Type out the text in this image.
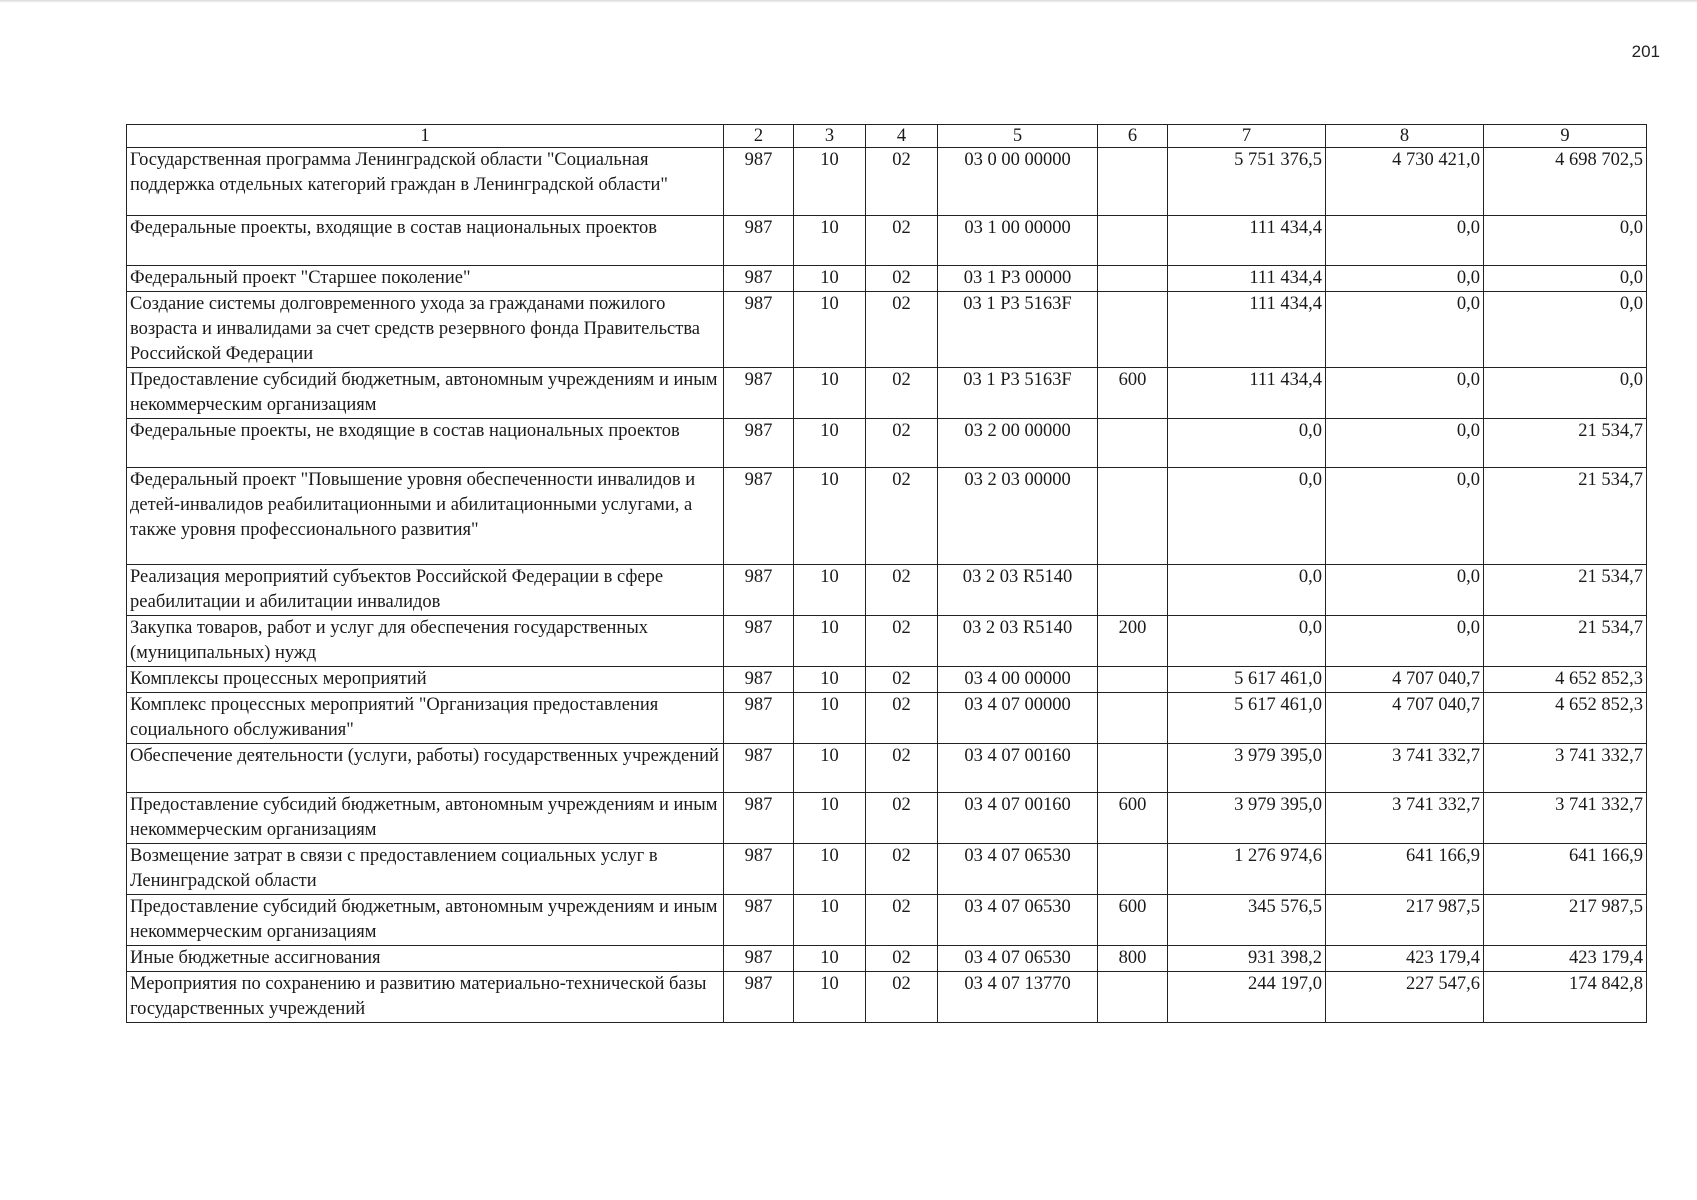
201
1	2	3	4	5	6	7	8	9
Государственная программа Ленинградской области "Социальная поддержка отдельных категорий граждан в Ленинградской области"	987	10	02	03 0 00 00000		5 751 376,5	4 730 421,0	4 698 702,5
Федеральные проекты, входящие в состав национальных проектов	987	10	02	03 1 00 00000		111 434,4	0,0	0,0
Федеральный проект "Старшее поколение"	987	10	02	03 1 P3 00000		111 434,4	0,0	0,0
Создание системы долговременного ухода за гражданами пожилого возраста и инвалидами за счет средств резервного фонда Правительства Российской Федерации	987	10	02	03 1 P3 5163F		111 434,4	0,0	0,0
Предоставление субсидий бюджетным, автономным учреждениям и иным некоммерческим организациям	987	10	02	03 1 P3 5163F	600	111 434,4	0,0	0,0
Федеральные проекты, не входящие в состав национальных проектов	987	10	02	03 2 00 00000		0,0	0,0	21 534,7
Федеральный проект "Повышение уровня обеспеченности инвалидов и детей-инвалидов реабилитационными и абилитационными услугами, а также уровня профессионального развития"	987	10	02	03 2 03 00000		0,0	0,0	21 534,7
Реализация мероприятий субъектов Российской Федерации в сфере реабилитации и абилитации инвалидов	987	10	02	03 2 03 R5140		0,0	0,0	21 534,7
Закупка товаров, работ и услуг для обеспечения государственных (муниципальных) нужд	987	10	02	03 2 03 R5140	200	0,0	0,0	21 534,7
Комплексы процессных мероприятий	987	10	02	03 4 00 00000		5 617 461,0	4 707 040,7	4 652 852,3
Комплекс процессных мероприятий "Организация предоставления социального обслуживания"	987	10	02	03 4 07 00000		5 617 461,0	4 707 040,7	4 652 852,3
Обеспечение деятельности (услуги, работы) государственных учреждений	987	10	02	03 4 07 00160		3 979 395,0	3 741 332,7	3 741 332,7
Предоставление субсидий бюджетным, автономным учреждениям и иным некоммерческим организациям	987	10	02	03 4 07 00160	600	3 979 395,0	3 741 332,7	3 741 332,7
Возмещение затрат в связи с предоставлением социальных услуг в Ленинградской области	987	10	02	03 4 07 06530		1 276 974,6	641 166,9	641 166,9
Предоставление субсидий бюджетным, автономным учреждениям и иным некоммерческим организациям	987	10	02	03 4 07 06530	600	345 576,5	217 987,5	217 987,5
Иные бюджетные ассигнования	987	10	02	03 4 07 06530	800	931 398,2	423 179,4	423 179,4
Мероприятия по сохранению и развитию материально-технической базы государственных учреждений	987	10	02	03 4 07 13770		244 197,0	227 547,6	174 842,8
